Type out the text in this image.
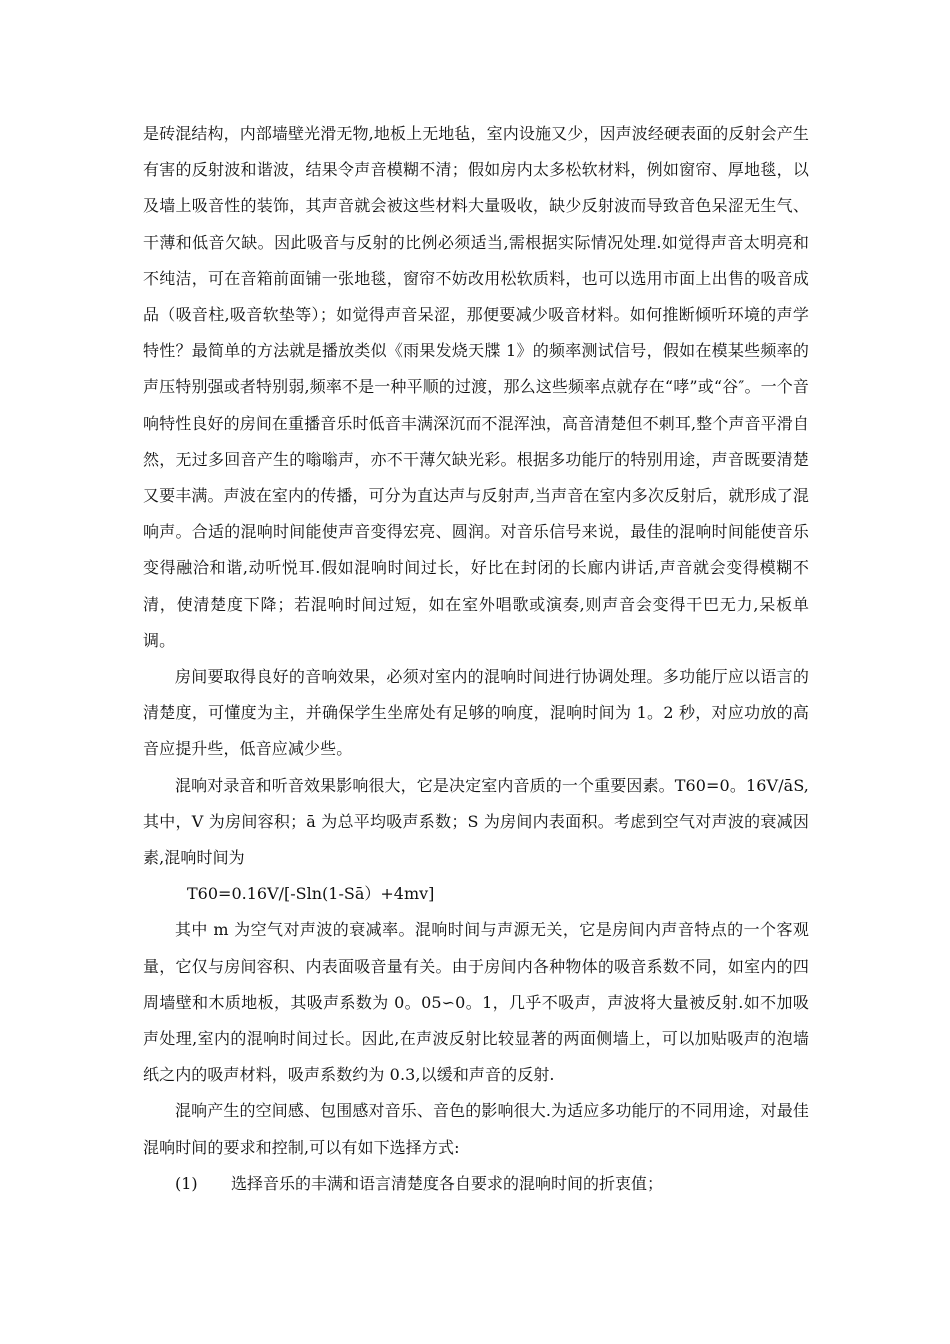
是砖混结构，内部墙壁光滑无物,地板上无地毡，室内设施又少，因声波经硬表面的反射会产生有害的反射波和谐波，结果令声音模糊不清；假如房内太多松软材料，例如窗帘、厚地毯，以及墙上吸音性的装饰，其声音就会被这些材料大量吸收，缺少反射波而导致音色呆涩无生气、干薄和低音欠缺。因此吸音与反射的比例必须适当,需根据实际情况处理.如觉得声音太明亮和不纯洁，可在音箱前面铺一张地毯，窗帘不妨改用松软质料，也可以选用市面上出售的吸音成品（吸音柱,吸音软垫等）；如觉得声音呆涩，那便要减少吸音材料。如何推断倾听环境的声学特性？最简单的方法就是播放类似《雨果发烧天牒 1》的频率测试信号，假如在模某些频率的声压特别强或者特别弱,频率不是一种平顺的过渡，那么这些频率点就存在“哮”或“谷″。一个音响特性良好的房间在重播音乐时低音丰满深沉而不混浑浊，高音清楚但不刺耳,整个声音平滑自然，无过多回音产生的嗡嗡声，亦不干薄欠缺光彩。根据多功能厅的特别用途，声音既要清楚又要丰满。声波在室内的传播，可分为直达声与反射声,当声音在室内多次反射后，就形成了混响声。合适的混响时间能使声音变得宏亮、圆润。对音乐信号来说，最佳的混响时间能使音乐变得融洽和谐,动听悦耳.假如混响时间过长，好比在封闭的长廊内讲话,声音就会变得模糊不清，使清楚度下降；若混响时间过短，如在室外唱歌或演奏,则声音会变得干巴无力,呆板单调。

房间要取得良好的音响效果，必须对室内的混响时间进行协调处理。多功能厅应以语言的清楚度，可懂度为主，并确保学生坐席处有足够的响度，混响时间为 1。2 秒，对应功放的高音应提升些，低音应减少些。

混响对录音和听音效果影响很大，它是决定室内音质的一个重要因素。T60=0。16V/āS,其中，V 为房间容积；ā 为总平均吸声系数；S 为房间内表面积。考虑到空气对声波的衰减因素,混响时间为

T60=0.16V/[-Sln(1-Sā）+4mv]

其中 m 为空气对声波的衰减率。混响时间与声源无关，它是房间内声音特点的一个客观量，它仅与房间容积、内表面吸音量有关。由于房间内各种物体的吸音系数不同，如室内的四周墙壁和木质地板，其吸声系数为 0。05∽0。1，几乎不吸声，声波将大量被反射.如不加吸声处理,室内的混响时间过长。因此,在声波反射比较显著的两面侧墙上，可以加贴吸声的泡墙纸之内的吸声材料，吸声系数约为 0.3,以缓和声音的反射.

混响产生的空间感、包围感对音乐、音色的影响很大.为适应多功能厅的不同用途，对最佳混响时间的要求和控制,可以有如下选择方式:

(1) 选择音乐的丰满和语言清楚度各自要求的混响时间的折衷值；
